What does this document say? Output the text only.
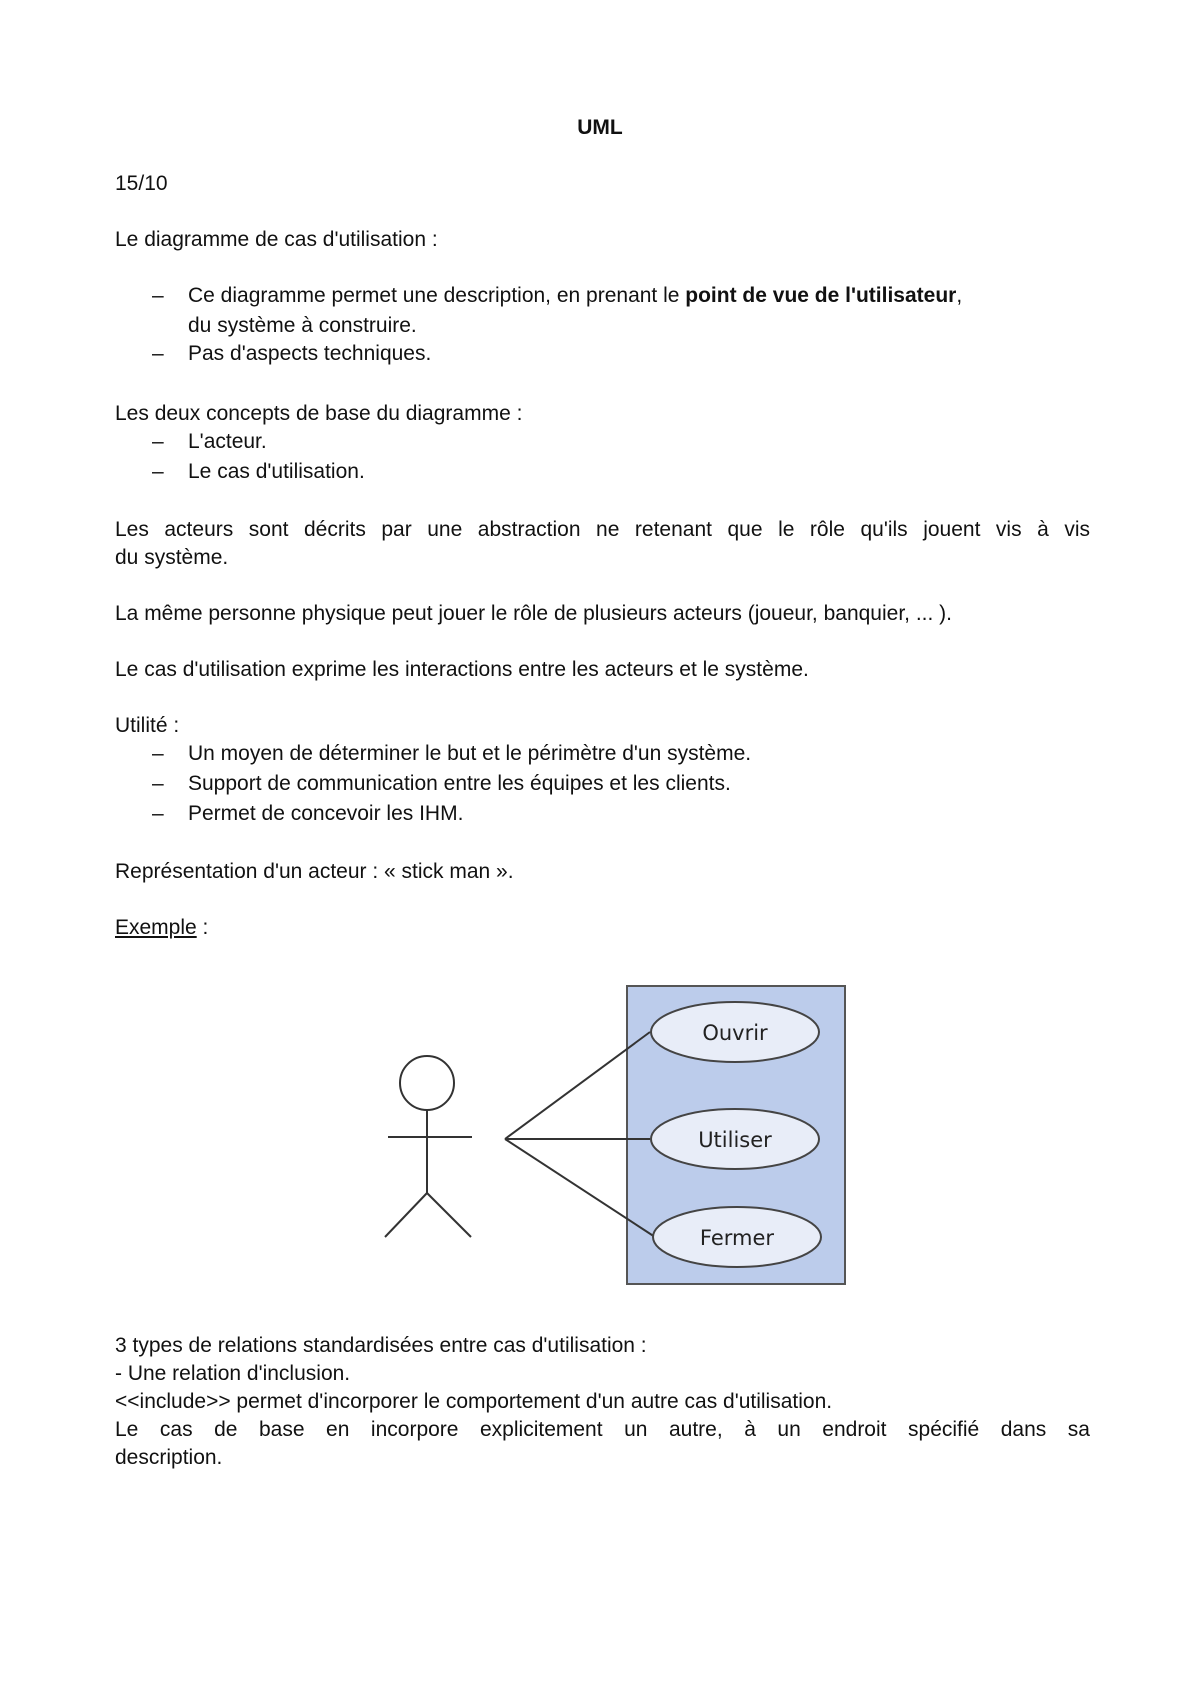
UML
15/10
Le diagramme de cas d'utilisation :
– Ce diagramme permet une description, en prenant le point de vue de l'utilisateur,
du système à construire.
– Pas d'aspects techniques.
Les deux concepts de base du diagramme :
– L'acteur.
– Le cas d'utilisation.
Les acteurs sont décrits par une abstraction ne retenant que le rôle qu'ils jouent vis à vis
du système.
La même personne physique peut jouer le rôle de plusieurs acteurs (joueur, banquier, ... ).
Le cas d'utilisation exprime les interactions entre les acteurs et le système.
Utilité :
– Un moyen de déterminer le but et le périmètre d'un système.
– Support de communication entre les équipes et les clients.
– Permet de concevoir les IHM.
Représentation d'un acteur : « stick man ».
Exemple :
Ouvrir
Utiliser
Fermer
3 types de relations standardisées entre cas d'utilisation :
- Une relation d'inclusion.
<<include>> permet d'incorporer le comportement d'un autre cas d'utilisation.
Le cas de base en incorpore explicitement un autre, à un endroit spécifié dans sa
description.
